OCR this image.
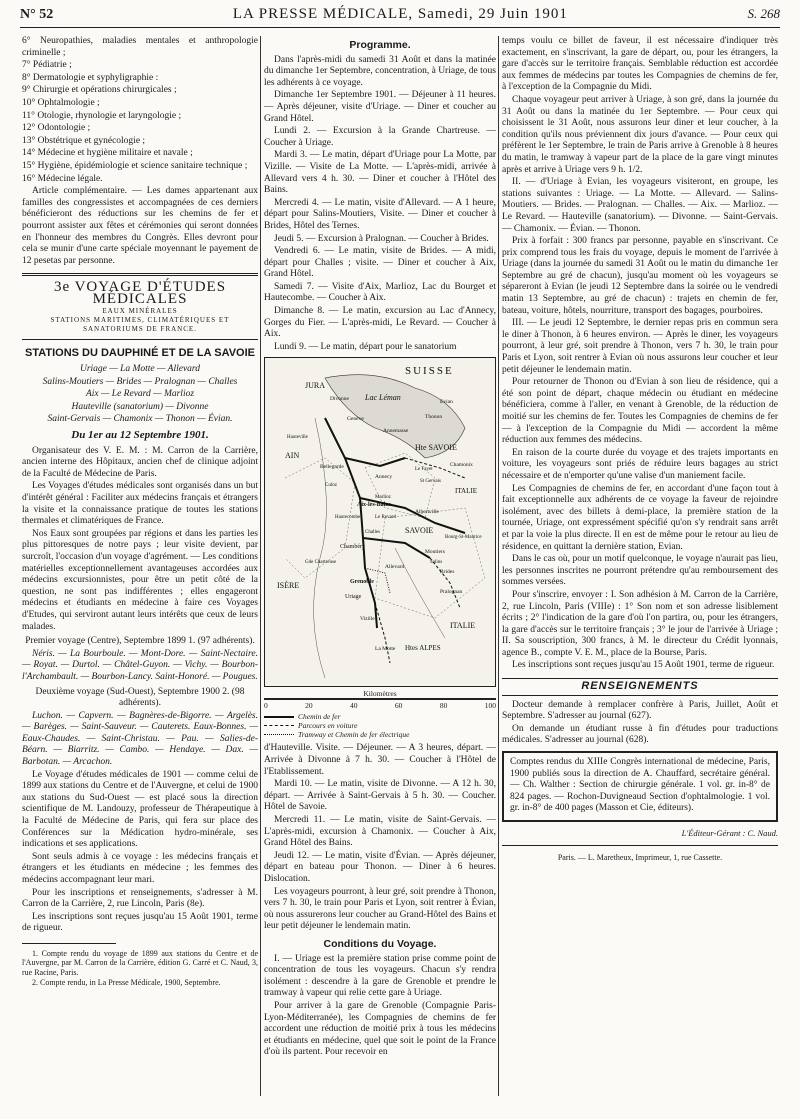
N° 52	LA PRESSE MÉDICALE, Samedi, 29 Juin 1901	S. 268

6° Neuropathies, maladies mentales et anthropologie criminelle ;

7° Pédiatrie ;

8° Dermatologie et syphyligraphie :

9° Chirurgie et opérations chirurgicales ;

10° Ophtalmologie ;

11° Otologie, rhynologie et laryngologie ;

12° Odontologie ;

13° Obstétrique et gynécologie ;

14° Médecine et hygiène militaire et navale ;

15° Hygiène, épidémiologie et science sanitaire technique ;

16° Médecine légale.

Article complémentaire. — Les dames appartenant aux familles des congressistes et accompagnées de ces derniers bénéficieront des réductions sur les chemins de fer et pourront assister aux fêtes et cérémonies qui seront données en l'honneur des membres du Congrès. Elles devront pour cela se munir d'une carte spéciale moyennant le payement de 12 pesetas par personne.

3e VOYAGE D'ÉTUDES MÉDICALES
EAUX MINÉRALES
STATIONS MARITIMES, CLIMATÉRIQUES ET SANATORIUMS DE FRANCE.
STATIONS DU DAUPHINÉ ET DE LA SAVOIE

Uriage — La Motte — Allevard

Salins-Moutiers — Brides — Pralognan — Challes

Aix — Le Revard — Marlioz

Hauteville (sanatorium) — Divonne

Saint-Gervais — Chamonix — Thonon — Évian.

Du 1er au 12 Septembre 1901.

Organisateur des V. E. M. : M. Carron de la Carrière, ancien interne des Hôpitaux, ancien chef de clinique adjoint de la Faculté de Médecine de Paris.

Les Voyages d'études médicales sont organisés dans un but d'intérêt général : Faciliter aux médecins français et étrangers la visite et la connaissance pratique de toutes les stations thermales et climatériques de France.

Nos Eaux sont groupées par régions et dans les parties les plus pittoresques de notre pays ; leur visite devient, par surcroît, l'occasion d'un voyage d'agrément. — Les conditions matérielles exceptionnellement avantageuses accordées aux médecins excursionnistes, pour être un petit côté de la question, ne sont pas indifférentes ; elles engageront médecins et étudiants en médecine à faire ces Voyages d'Etudes, qui serviront autant leurs intérêts que ceux de leurs malades.

Premier voyage (Centre), Septembre 1899 1. (97 adhérents).

Néris. — La Bourboule. — Mont-Dore. — Saint-Nectaire. — Royat. — Durtol. — Châtel-Guyon. — Vichy. — Bourbon-l'Archambault. — Bourbon-Lancy. Saint-Honoré. — Pougues.

Deuxième voyage (Sud-Ouest), Septembre 1900 2. (98 adhérents).

Luchon. — Capvern. — Bagnères-de-Bigorre. — Argelès. — Barèges. — Saint-Sauveur. — Cauterets. Eaux-Bonnes. — Eaux-Chaudes. — Saint-Christau. — Pau. — Salies-de-Béarn. — Biarritz. — Cambo. — Hendaye. — Dax. — Barbotan. — Arcachon.

Le Voyage d'études médicales de 1901 — comme celui de 1899 aux stations du Centre et de l'Auvergne, et celui de 1900 aux stations du Sud-Ouest — est placé sous la direction scientifique de M. Landouzy, professeur de Thérapeutique à la Faculté de Médecine de Paris, qui fera sur place des Conférences sur la Médication hydro-minérale, ses indications et ses applications.

Sont seuls admis à ce voyage : les médecins français et étrangers et les étudiants en médecine ; les femmes des médecins accompagnant leur mari.

Pour les inscriptions et renseignements, s'adresser à M. Carron de la Carrière, 2, rue Lincoln, Paris (8e).

Les inscriptions sont reçues jusqu'au 15 Août 1901, terme de rigueur.

1. Compte rendu du voyage de 1899 aux stations du Centre et de l'Auvergne, par M. Carron de la Carrière, édition G. Carré et C. Naud, 3, rue Racine, Paris.

2. Compte rendu, in La Presse Médicale, 1900, Septembre.

Programme.

Dans l'après-midi du samedi 31 Août et dans la matinée du dimanche 1er Septembre, concentration, à Uriage, de tous les adhérents à ce voyage.

Dimanche 1er Septembre 1901. — Déjeuner à 11 heures. — Après déjeuner, visite d'Uriage. — Diner et coucher au Grand Hôtel.

Lundi 2. — Excursion à la Grande Chartreuse. — Coucher à Uriage.

Mardi 3. — Le matin, départ d'Uriage pour La Motte, par Vizille. — Visite de La Motte. — L'après-midi, arrivée à Allevard vers 4 h. 30. — Diner et coucher à l'Hôtel des Bains.

Mercredi 4. — Le matin, visite d'Allevard. — A 1 heure, départ pour Salins-Moutiers, Visite. — Diner et coucher à Brides, Hôtel des Ternes.

Jeudi 5. — Excursion à Pralognan. — Coucher à Brides.

Vendredi 6. — Le matin, visite de Brides. — A midi, départ pour Challes ; visite. — Diner et coucher à Aix, Grand Hôtel.

Samedi 7. — Visite d'Aix, Marlioz, Lac du Bourget et Hautecombe. — Coucher à Aix.

Dimanche 8. — Le matin, excursion au Lac d'Annecy, Gorges du Fier. — L'après-midi, Le Revard. — Coucher à Aix.

Lundi 9. — Le matin, départ pour le sanatorium

SUISSE
JURA
AIN
Hte SAVOIE
SAVOIE
ISÈRE
ITALIE
ITALIE
Htes ALPES
Lac Léman
Genève
Annemasse
Thonon
Evian
Divonne
Bellegarde
Annecy
Aix-les-Bains
Chambéry
Albertville
Moutiers
Bourg-St-Maurice
Chamonix
Le Fayet
St Gervais
Uriage
Grenoble
Vizille
La Motte
Allevard
Pralognan
Brides
Salins
Challes
Hauteville
Le Revard
Marlioz
Culoz
Hautecombe
Gde Chartreuse
Kilomètres
0	20	40	60	80	100
Chemin de fer
Parcours en voiture
Tramway et Chemin de fer électrique

d'Hauteville. Visite. — Déjeuner. — A 3 heures, départ. — Arrivée à Divonne à 7 h. 30. — Coucher à l'Hôtel de l'Etablissement.

Mardi 10. — Le matin, visite de Divonne. — A 12 h. 30, départ. — Arrivée à Saint-Gervais à 5 h. 30. — Coucher. Hôtel de Savoie.

Mercredi 11. — Le matin, visite de Saint-Gervais. — L'après-midi, excursion à Chamonix. — Coucher à Aix, Grand Hôtel des Bains.

Jeudi 12. — Le matin, visite d'Évian. — Après déjeuner, départ en bateau pour Thonon. — Diner à 6 heures. Dislocation.

Les voyageurs pourront, à leur gré, soit prendre à Thonon, vers 7 h. 30, le train pour Paris et Lyon, soit rentrer à Évian, où nous assurerons leur coucher au Grand-Hôtel des Bains et leur petit déjeuner le lendemain matin.

Conditions du Voyage.

I. — Uriage est la première station prise comme point de concentration de tous les voyageurs. Chacun s'y rendra isolément : descendre à la gare de Grenoble et prendre le tramway à vapeur qui relie cette gare à Uriage.

Pour arriver à la gare de Grenoble (Compagnie Paris-Lyon-Méditerranée), les Compagnies de chemins de fer accordent une réduction de moitié prix à tous les médecins et étudiants en médecine, quel que soit le point de la France d'où ils partent. Pour recevoir en

temps voulu ce billet de faveur, il est nécessaire d'indiquer très exactement, en s'inscrivant, la gare de départ, ou, pour les étrangers, la gare d'accès sur le territoire français. Semblable réduction est accordée aux femmes de médecins par toutes les Compagnies de chemins de fer, à l'exception de la Compagnie du Midi.

Chaque voyageur peut arriver à Uriage, à son gré, dans la journée du 31 Août ou dans la matinée du 1er Septembre. — Pour ceux qui choisissent le 31 Août, nous assurons leur diner et leur coucher, à la condition qu'ils nous préviennent dix jours d'avance. — Pour ceux qui préfèrent le 1er Septembre, le train de Paris arrive à Grenoble à 8 heures du matin, le tramway à vapeur part de la place de la gare vingt minutes après et arrive à Uriage vers 9 h. 1/2.

II. — d'Uriage à Evian, les voyageurs visiteront, en groupe, les stations suivantes : Uriage. — La Motte. — Allevard. — Salins-Moutiers. — Brides. — Pralognan. — Challes. — Aix. — Marlioz. — Le Revard. — Hauteville (sanatorium). — Divonne. — Saint-Gervais. — Chamonix. — Évian. — Thonon.

Prix à forfait : 300 francs par personne, payable en s'inscrivant. Ce prix comprend tous les frais du voyage, depuis le moment de l'arrivée à Uriage (dans la journée du samedi 31 Août ou le matin du dimanche 1er Septembre au gré de chacun), jusqu'au moment où les voyageurs se sépareront à Evian (le jeudi 12 Septembre dans la soirée ou le vendredi matin 13 Septembre, au gré de chacun) : trajets en chemin de fer, bateau, voiture, hôtels, nourriture, transport des bagages, pourboires.

III. — Le jeudi 12 Septembre, le dernier repas pris en commun sera le diner à Thonon, à 6 heures environ. — Après le diner, les voyageurs pourront, à leur gré, soit prendre à Thonon, vers 7 h. 30, le train pour Paris et Lyon, soit rentrer à Evian où nous assurons leur coucher et leur petit déjeuner le lendemain matin.

Pour retourner de Thonon ou d'Evian à son lieu de résidence, qui a été son point de départ, chaque médecin ou étudiant en médecine bénéficiera, comme à l'aller, en venant à Grenoble, de la réduction de moitié sur les chemins de fer. Toutes les Compagnies de chemins de fer — à l'exception de la Compagnie du Midi — accordent la même réduction aux femmes des médecins.

En raison de la courte durée du voyage et des trajets importants en voiture, les voyageurs sont priés de réduire leurs bagages au strict nécessaire et de n'emporter qu'une valise d'un maniement facile.

Les Compagnies de chemins de fer, en accordant d'une façon tout à fait exceptionnelle aux adhérents de ce voyage la faveur de rejoindre isolément, avec des billets à demi-place, la première station de la tournée, Uriage, ont expressément spécifié qu'on s'y rendrait sans arrêt et par la voie la plus directe. Il en est de même pour le retour au lieu de résidence, en quittant la dernière station, Evian.

Dans le cas où, pour un motif quelconque, le voyage n'aurait pas lieu, les personnes inscrites ne pourront prétendre qu'au remboursement des sommes versées.

Pour s'inscrire, envoyer : I. Son adhésion à M. Carron de la Carrière, 2, rue Lincoln, Paris (VIIIe) : 1° Son nom et son adresse lisiblement écrits ; 2° l'indication de la gare d'où l'on partira, ou, pour les étrangers, la gare d'accès sur le territoire français ; 3° le jour de l'arrivée à Uriage ; II. Sa souscription, 300 francs, à M. le directeur du Crédit lyonnais, agence B., compte V. E. M., place de la Bourse, Paris.

Les inscriptions sont reçues jusqu'au 15 Août 1901, terme de rigueur.

RENSEIGNEMENTS

Docteur demande à remplacer confrère à Paris, Juillet, Août et Septembre. S'adresser au journal (627).

On demande un étudiant russe à fin d'études pour traductions médicales. S'adresser au journal (628).

Comptes rendus du XIIIe Congrès international de médecine, Paris, 1900 publiés sous la direction de A. Chauffard, secrétaire général. — Ch. Walther : Section de chirurgie générale. 1 vol. gr. in-8° de 824 pages. — Rochon-Duvigneaud Section d'ophtalmologie. 1 vol. gr. in-8° de 400 pages (Masson et Cie, éditeurs).

L'Éditeur-Gérant : C. Naud.
Paris. — L. Maretheux, Imprimeur, 1, rue Cassette.
